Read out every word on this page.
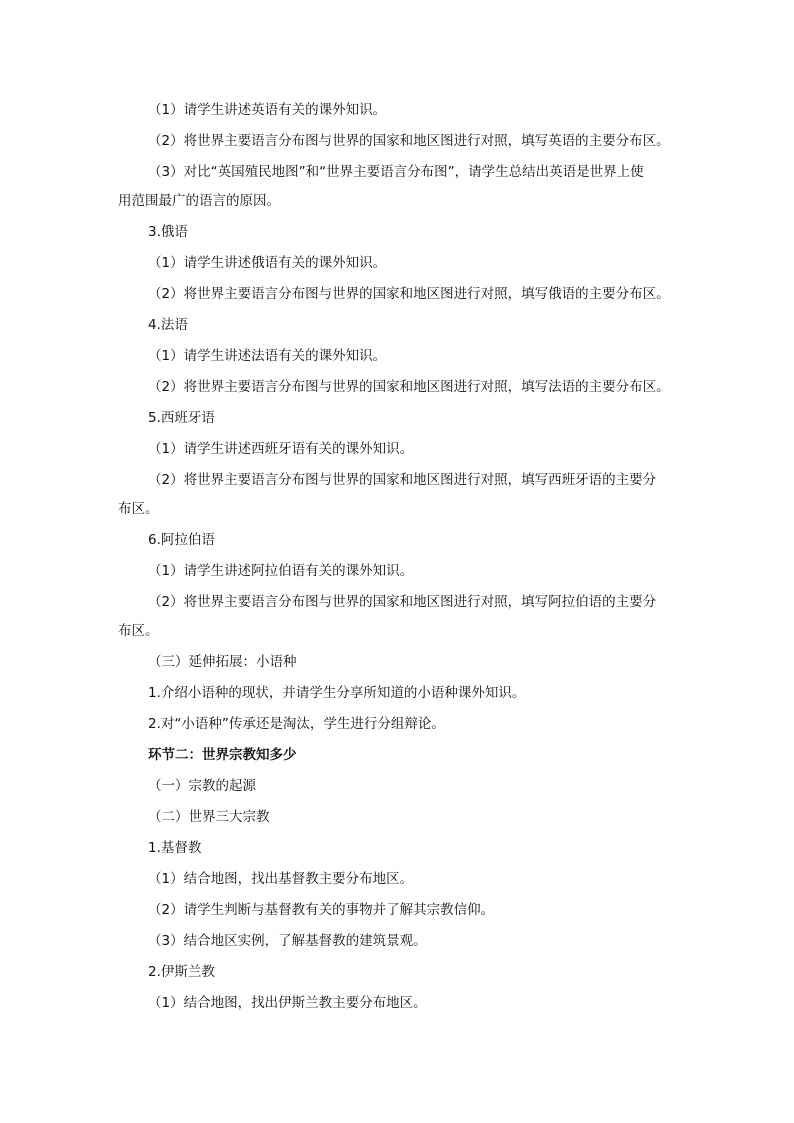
（1）请学生讲述英语有关的课外知识。

（2）将世界主要语言分布图与世界的国家和地区图进行对照，填写英语的主要分布区。

（3）对比“英国殖民地图”和“世界主要语言分布图”，请学生总结出英语是世界上使

用范围最广的语言的原因。

3.俄语

（1）请学生讲述俄语有关的课外知识。

（2）将世界主要语言分布图与世界的国家和地区图进行对照，填写俄语的主要分布区。

4.法语

（1）请学生讲述法语有关的课外知识。

（2）将世界主要语言分布图与世界的国家和地区图进行对照，填写法语的主要分布区。

5.西班牙语

（1）请学生讲述西班牙语有关的课外知识。

（2）将世界主要语言分布图与世界的国家和地区图进行对照，填写西班牙语的主要分

布区。

6.阿拉伯语

（1）请学生讲述阿拉伯语有关的课外知识。

（2）将世界主要语言分布图与世界的国家和地区图进行对照，填写阿拉伯语的主要分

布区。

（三）延伸拓展：小语种

1.介绍小语种的现状，并请学生分享所知道的小语种课外知识。

2.对“小语种”传承还是淘汰，学生进行分组辩论。

环节二：世界宗教知多少

（一）宗教的起源

（二）世界三大宗教

1.基督教

（1）结合地图，找出基督教主要分布地区。

（2）请学生判断与基督教有关的事物并了解其宗教信仰。

（3）结合地区实例，了解基督教的建筑景观。

2.伊斯兰教

（1）结合地图，找出伊斯兰教主要分布地区。
